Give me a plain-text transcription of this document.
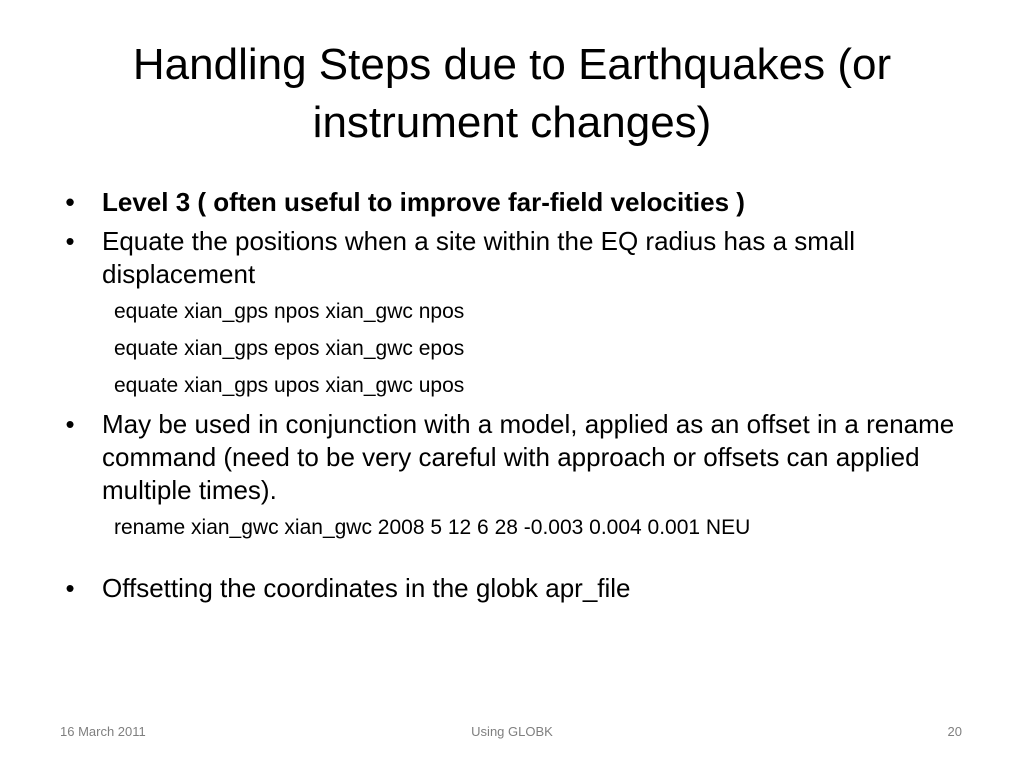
Handling Steps due to Earthquakes (or instrument changes)
• Level 3 ( often useful to improve far-field velocities )
• Equate the positions when a site within the EQ radius has a small displacement
equate xian_gps npos xian_gwc npos
equate xian_gps epos xian_gwc epos
equate xian_gps upos xian_gwc upos
• May be used in conjunction with a model, applied as an offset in a rename command (need to be very careful with approach or offsets can applied multiple times).
rename xian_gwc xian_gwc 2008 5 12 6 28 -0.003 0.004 0.001 NEU
• Offsetting the coordinates in the globk apr_file
16 March 2011	Using GLOBK	20
